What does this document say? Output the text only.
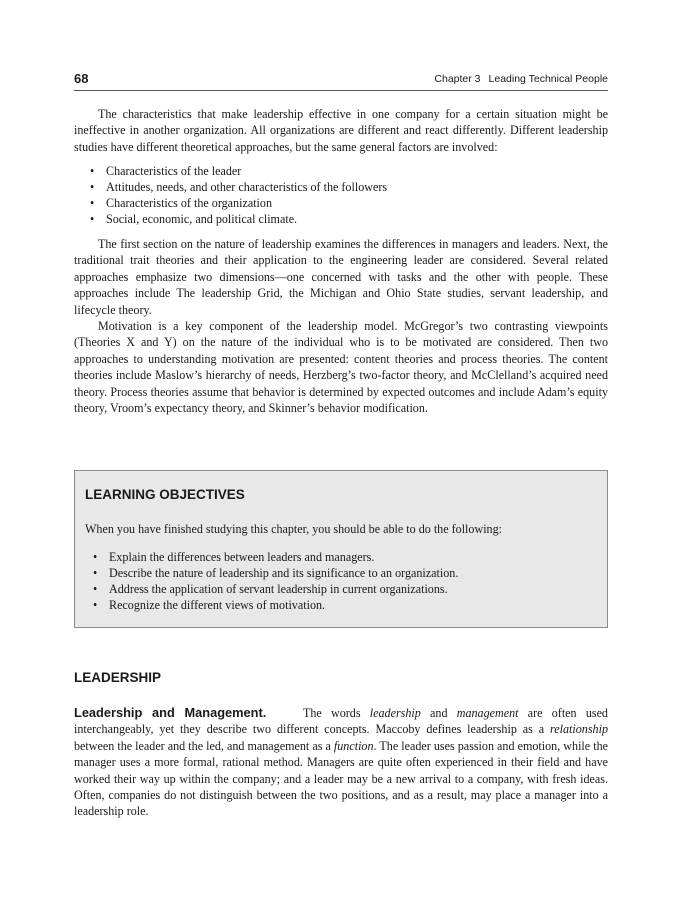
68	Chapter 3 Leading Technical People

The characteristics that make leadership effective in one company for a certain situation might be ineffective in another organization. All organizations are different and react differently. Different leadership studies have different theoretical approaches, but the same general factors are involved:

• Characteristics of the leader
• Attitudes, needs, and other characteristics of the followers
• Characteristics of the organization
• Social, economic, and political climate.

The first section on the nature of leadership examines the differences in managers and leaders. Next, the traditional trait theories and their application to the engineering leader are considered. Several related approaches emphasize two dimensions—one concerned with tasks and the other with people. These approaches include The leadership Grid, the Michigan and Ohio State studies, servant leadership, and lifecycle theory.

Motivation is a key component of the leadership model. McGregor’s two contrasting viewpoints (Theories X and Y) on the nature of the individual who is to be motivated are considered. Then two approaches to understanding motivation are presented: content theories and process theories. The content theories include Maslow’s hierarchy of needs, Herzberg’s two-factor theory, and McClelland’s acquired need theory. Process theories assume that behavior is determined by expected outcomes and include Adam’s equity theory, Vroom’s expectancy theory, and Skinner’s behavior modification.

LEARNING OBJECTIVES

When you have finished studying this chapter, you should be able to do the following:

• Explain the differences between leaders and managers.
• Describe the nature of leadership and its significance to an organization.
• Address the application of servant leadership in current organizations.
• Recognize the different views of motivation.
LEADERSHIP

Leadership and Management.	The words leadership and management are often used interchangeably, yet they describe two different concepts. Maccoby defines leadership as a relationship between the leader and the led, and management as a function. The leader uses passion and emotion, while the manager uses a more formal, rational method. Managers are quite often experienced in their field and have worked their way up within the company; and a leader may be a new arrival to a company, with fresh ideas. Often, companies do not distinguish between the two positions, and as a result, may place a manager into a leadership role.
